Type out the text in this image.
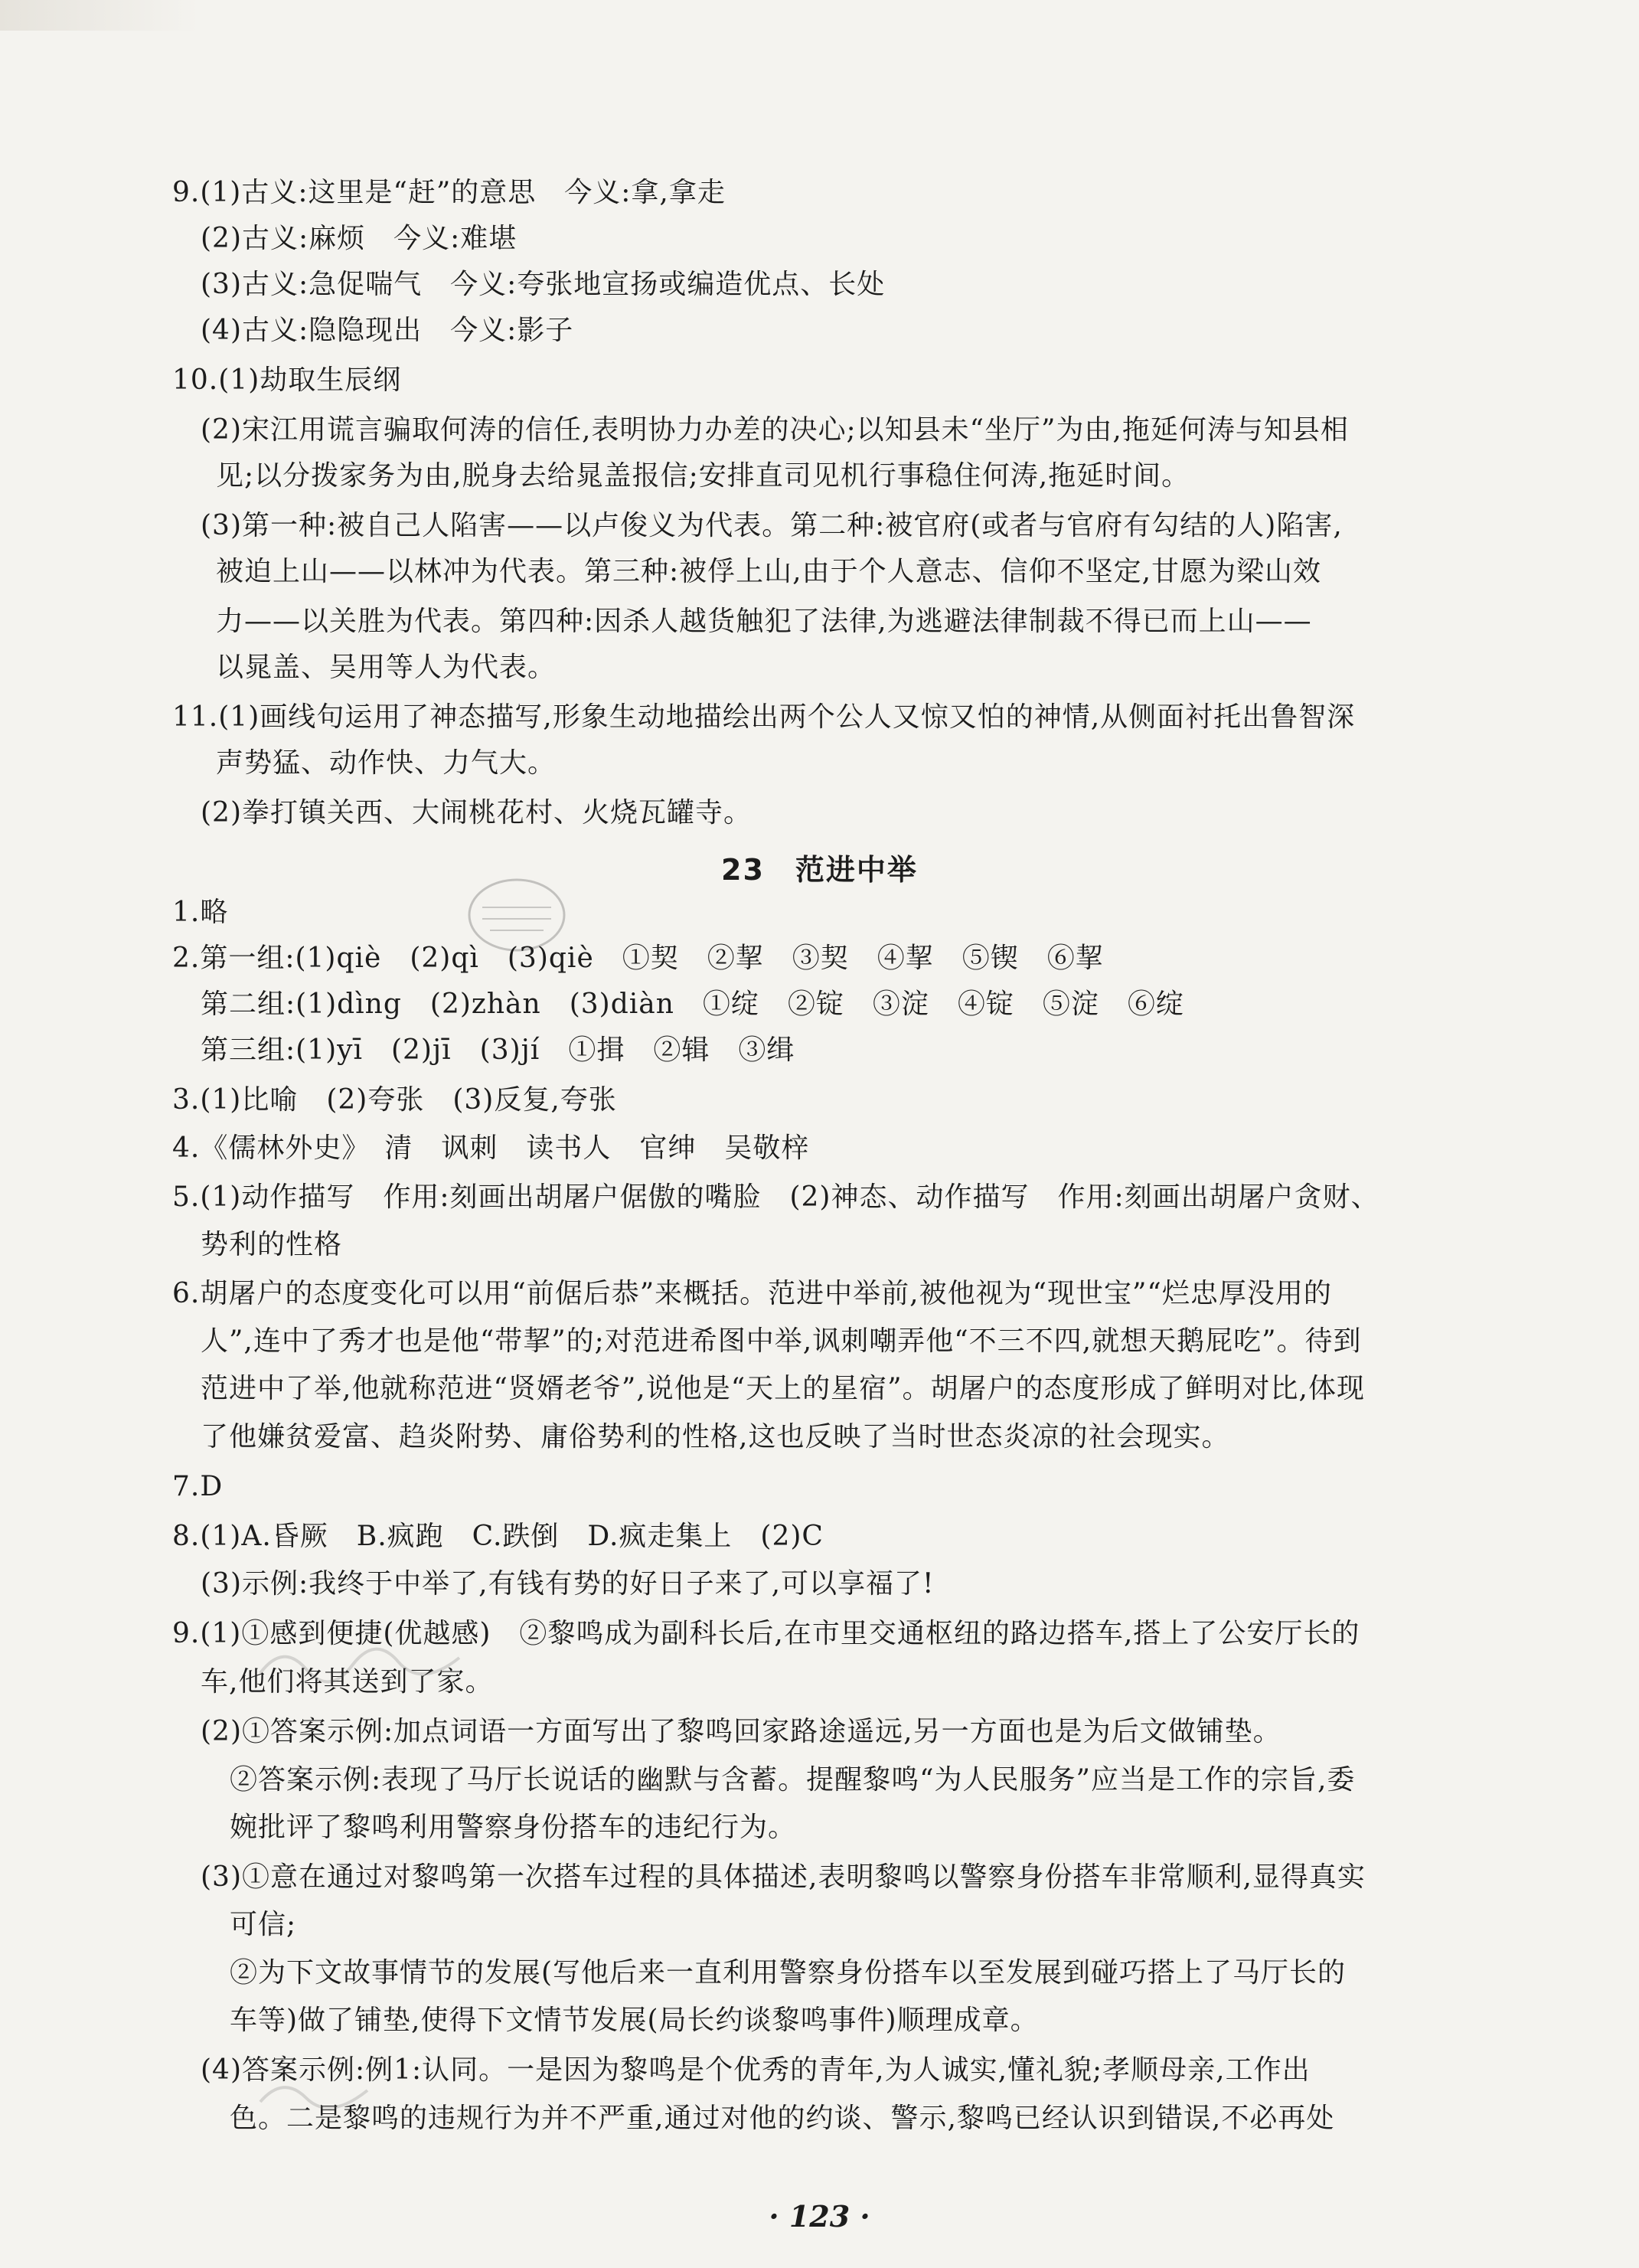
9.(1)古义:这里是“赶”的意思　今义:拿,拿走
(2)古义:麻烦　今义:难堪
(3)古义:急促喘气　今义:夸张地宣扬或编造优点、长处
(4)古义:隐隐现出　今义:影子
10.(1)劫取生辰纲
(2)宋江用谎言骗取何涛的信任,表明协力办差的决心;以知县未“坐厅”为由,拖延何涛与知县相
见;以分拨家务为由,脱身去给晁盖报信;安排直司见机行事稳住何涛,拖延时间。
(3)第一种:被自己人陷害——以卢俊义为代表。第二种:被官府(或者与官府有勾结的人)陷害,
被迫上山——以林冲为代表。第三种:被俘上山,由于个人意志、信仰不坚定,甘愿为梁山效
力——以关胜为代表。第四种:因杀人越货触犯了法律,为逃避法律制裁不得已而上山——
以晁盖、吴用等人为代表。
11.(1)画线句运用了神态描写,形象生动地描绘出两个公人又惊又怕的神情,从侧面衬托出鲁智深
声势猛、动作快、力气大。
(2)拳打镇关西、大闹桃花村、火烧瓦罐寺。
23　范进中举
1.略
2.第一组:(1)qiè　(2)qì　(3)qiè　①契　②挈　③契　④挈　⑤锲　⑥挈
第二组:(1)dìng　(2)zhàn　(3)diàn　①绽　②锭　③淀　④锭　⑤淀　⑥绽
第三组:(1)yī　(2)jī　(3)jí　①揖　②辑　③缉
3.(1)比喻　(2)夸张　(3)反复,夸张
4.《儒林外史》　清　讽刺　读书人　官绅　吴敬梓
5.(1)动作描写　作用:刻画出胡屠户倨傲的嘴脸　(2)神态、动作描写　作用:刻画出胡屠户贪财、
势利的性格
6.胡屠户的态度变化可以用“前倨后恭”来概括。范进中举前,被他视为“现世宝”“烂忠厚没用的
人”,连中了秀才也是他“带挈”的;对范进希图中举,讽刺嘲弄他“不三不四,就想天鹅屁吃”。待到
范进中了举,他就称范进“贤婿老爷”,说他是“天上的星宿”。胡屠户的态度形成了鲜明对比,体现
了他嫌贫爱富、趋炎附势、庸俗势利的性格,这也反映了当时世态炎凉的社会现实。
7.D
8.(1)A.昏厥　B.疯跑　C.跌倒　D.疯走集上　(2)C
(3)示例:我终于中举了,有钱有势的好日子来了,可以享福了!
9.(1)①感到便捷(优越感)　②黎鸣成为副科长后,在市里交通枢纽的路边搭车,搭上了公安厅长的
车,他们将其送到了家。
(2)①答案示例:加点词语一方面写出了黎鸣回家路途遥远,另一方面也是为后文做铺垫。
②答案示例:表现了马厅长说话的幽默与含蓄。提醒黎鸣“为人民服务”应当是工作的宗旨,委
婉批评了黎鸣利用警察身份搭车的违纪行为。
(3)①意在通过对黎鸣第一次搭车过程的具体描述,表明黎鸣以警察身份搭车非常顺利,显得真实
可信;
②为下文故事情节的发展(写他后来一直利用警察身份搭车以至发展到碰巧搭上了马厅长的
车等)做了铺垫,使得下文情节发展(局长约谈黎鸣事件)顺理成章。
(4)答案示例:例1:认同。一是因为黎鸣是个优秀的青年,为人诚实,懂礼貌;孝顺母亲,工作出
色。二是黎鸣的违规行为并不严重,通过对他的约谈、警示,黎鸣已经认识到错误,不必再处
· 123 ·
